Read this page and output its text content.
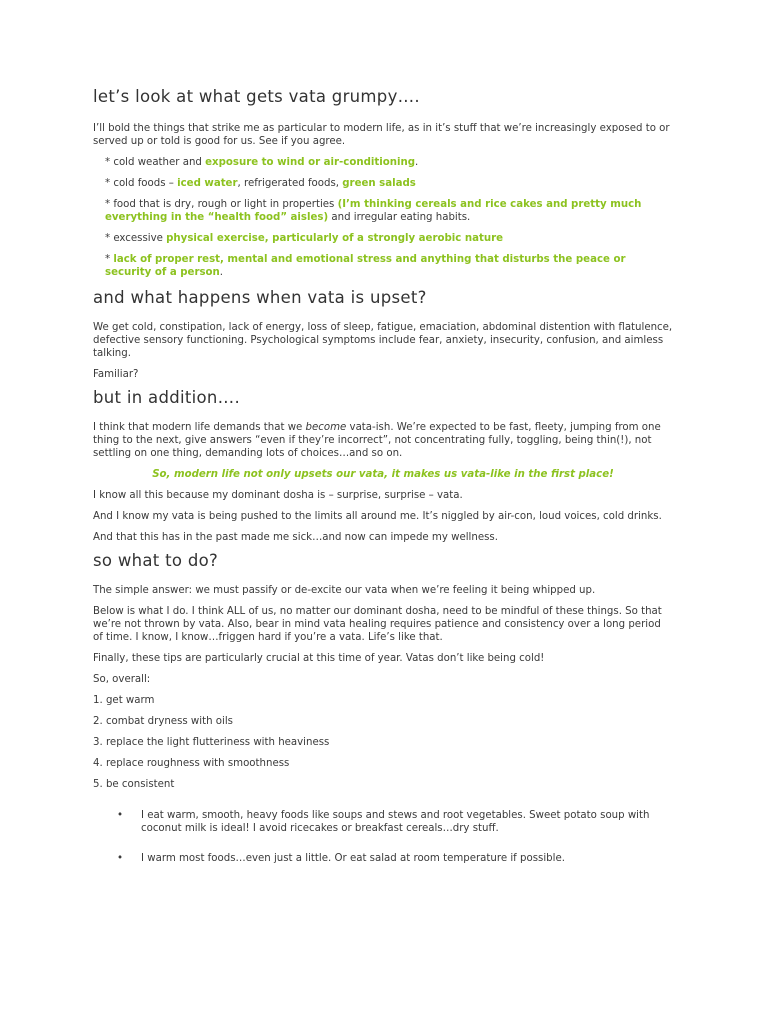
let’s look at what gets vata grumpy….

I’ll bold the things that strike me as particular to modern life, as in it’s stuff that we’re increasingly exposed to or served up or told is good for us. See if you agree.

* cold weather and exposure to wind or air-conditioning.

* cold foods – iced water, refrigerated foods, green salads

* food that is dry, rough or light in properties (I’m thinking cereals and rice cakes and pretty much everything in the “health food” aisles) and irregular eating habits.

* excessive physical exercise, particularly of a strongly aerobic nature

* lack of proper rest, mental and emotional stress and anything that disturbs the peace or security of a person.

and what happens when vata is upset?

We get cold, constipation, lack of energy, loss of sleep, fatigue, emaciation, abdominal distention with flatulence, defective sensory functioning. Psychological symptoms include fear, anxiety, insecurity, confusion, and aimless talking.

Familiar?

but in addition….

I think that modern life demands that we become vata-ish. We’re expected to be fast, fleety, jumping from one thing to the next, give answers “even if they’re incorrect”, not concentrating fully, toggling, being thin(!), not settling on one thing, demanding lots of choices…and so on.

So, modern life not only upsets our vata, it makes us vata-like in the first place!

I know all this because my dominant dosha is – surprise, surprise – vata.

And I know my vata is being pushed to the limits all around me. It’s niggled by air-con, loud voices, cold drinks.

And that this has in the past made me sick…and now can impede my wellness.

so what to do?

The simple answer: we must passify or de-excite our vata when we’re feeling it being whipped up.

Below is what I do. I think ALL of us, no matter our dominant dosha, need to be mindful of these things. So that we’re not thrown by vata. Also, bear in mind vata healing requires patience and consistency over a long period of time. I know, I know…friggen hard if you’re a vata. Life’s like that.

Finally, these tips are particularly crucial at this time of year. Vatas don’t like being cold!

So, overall:

1. get warm

2. combat dryness with oils

3. replace the light flutteriness with heaviness

4. replace roughness with smoothness

5. be consistent

• I eat warm, smooth, heavy foods like soups and stews and root vegetables. Sweet potato soup with coconut milk is ideal! I avoid ricecakes or breakfast cereals…dry stuff.
• I warm most foods…even just a little. Or eat salad at room temperature if possible.
